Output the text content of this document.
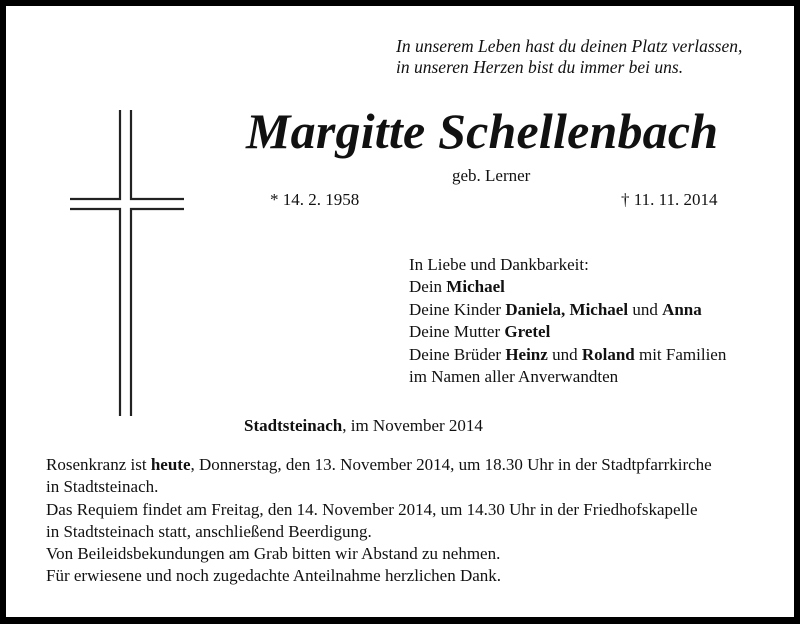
In unserem Leben hast du deinen Platz verlassen,
in unseren Herzen bist du immer bei uns.
Margitte Schellenbach
geb. Lerner
* 14. 2. 1958	† 11. 11. 2014
In Liebe und Dankbarkeit:
Dein Michael
Deine Kinder Daniela, Michael und Anna
Deine Mutter Gretel
Deine Brüder Heinz und Roland mit Familien
im Namen aller Anverwandten
Stadtsteinach, im November 2014
Rosenkranz ist heute, Donnerstag, den 13. November 2014, um 18.30 Uhr in der Stadtpfarrkirche
in Stadtsteinach.
Das Requiem findet am Freitag, den 14. November 2014, um 14.30 Uhr in der Friedhofskapelle
in Stadtsteinach statt, anschließend Beerdigung.
Von Beileidsbekundungen am Grab bitten wir Abstand zu nehmen.
Für erwiesene und noch zugedachte Anteilnahme herzlichen Dank.
